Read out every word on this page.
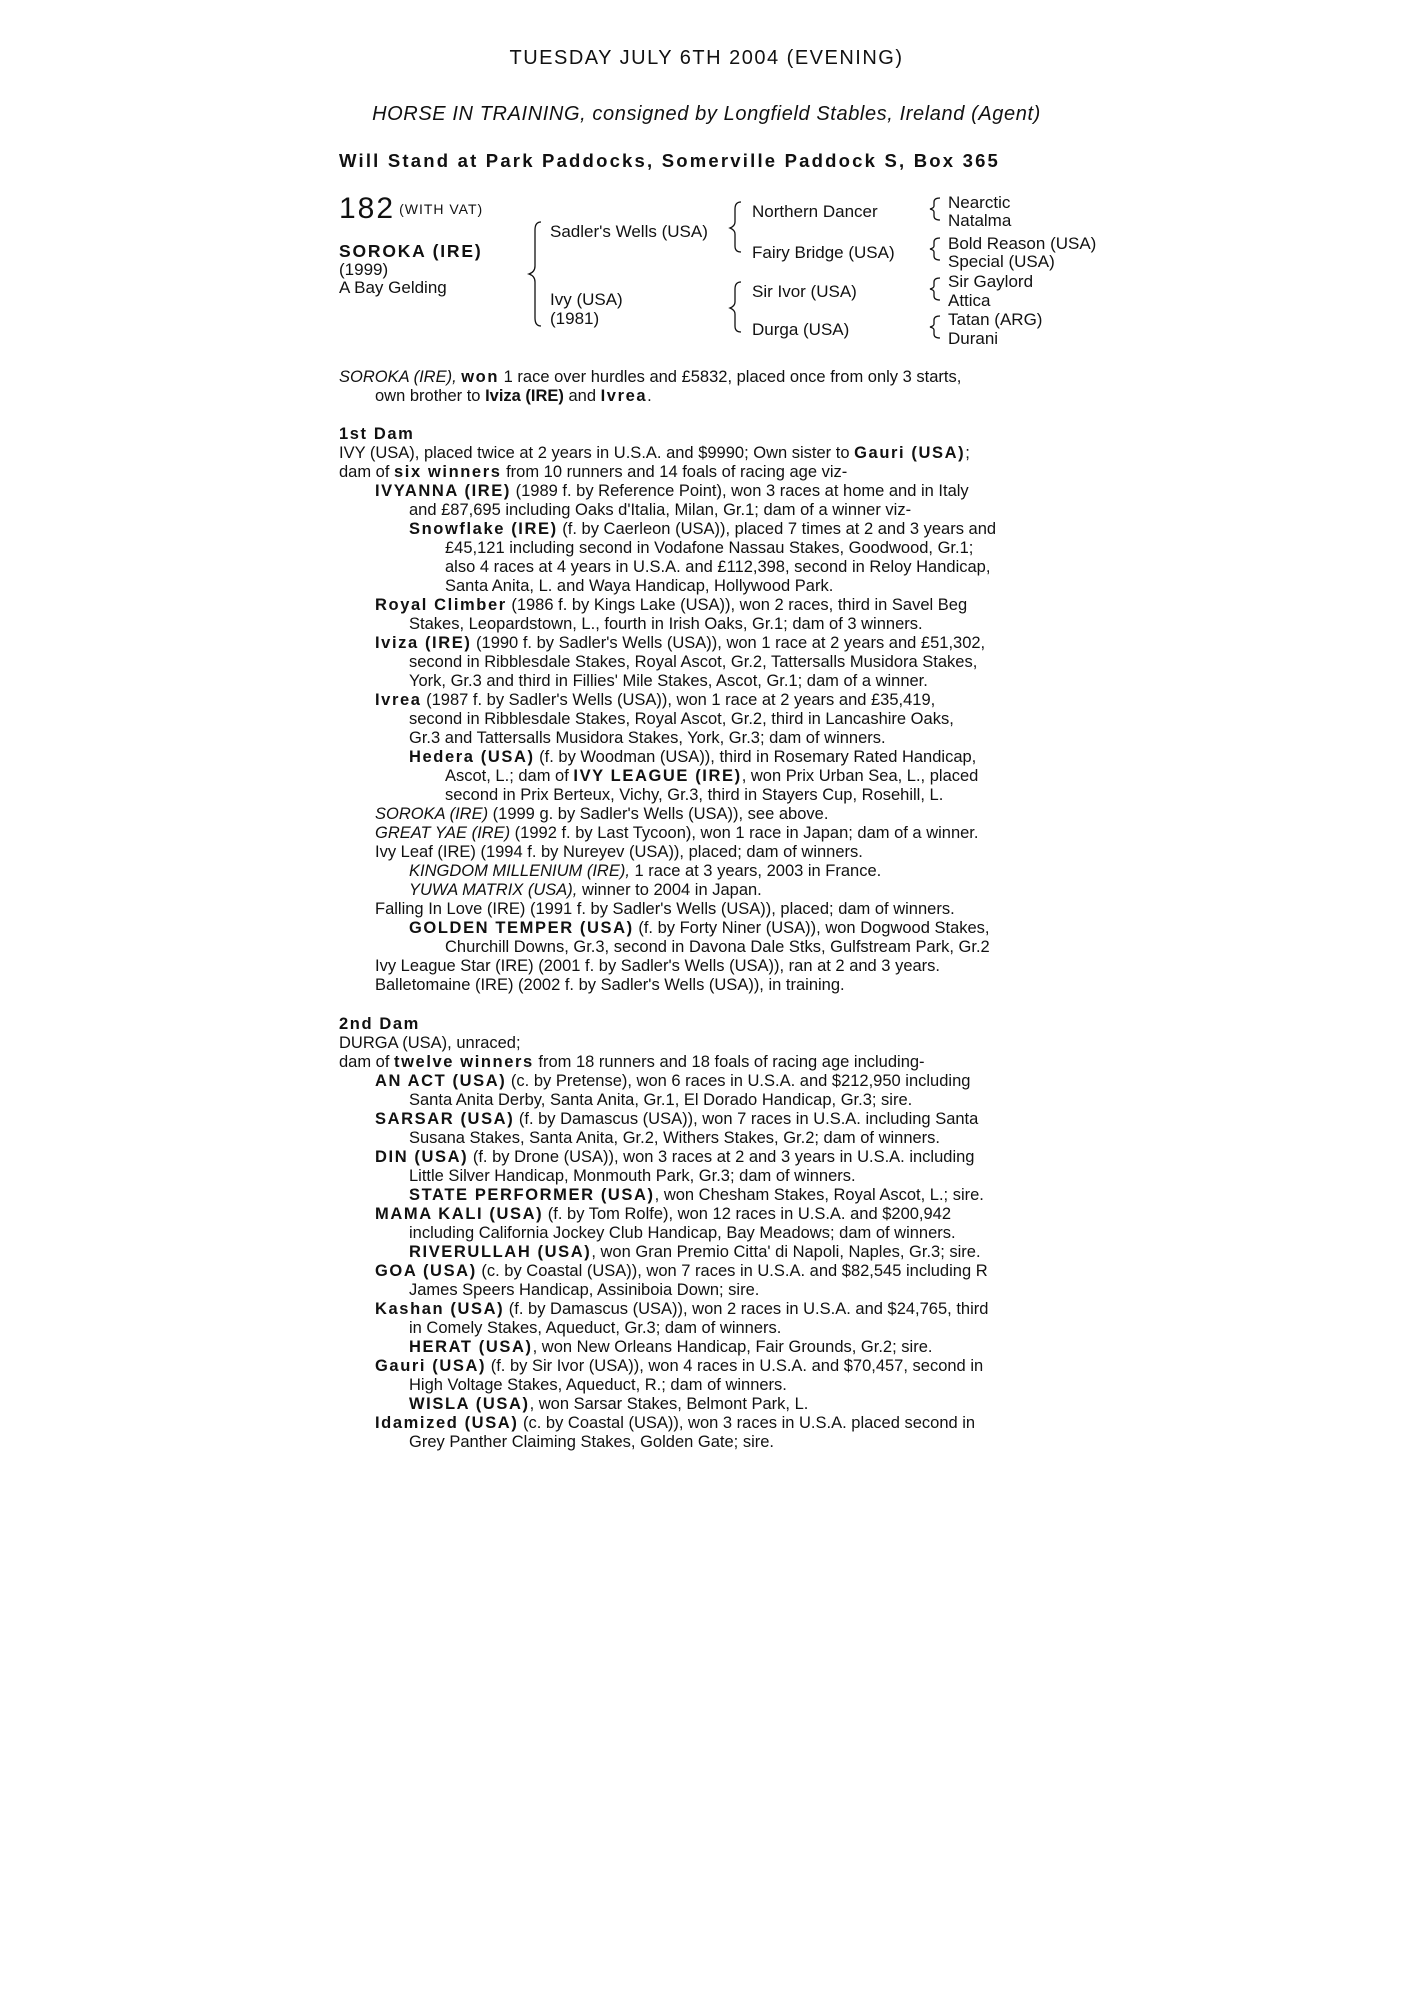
TUESDAY JULY 6TH 2004 (EVENING)
HORSE IN TRAINING, consigned by Longfield Stables, Ireland (Agent)
Will Stand at Park Paddocks, Somerville Paddock S, Box 365
182 (WITH VAT)
SOROKA (IRE)
(1999)
A Bay Gelding
Sadler's Wells (USA)
Ivy (USA)
(1981)
Northern Dancer
Fairy Bridge (USA)
Sir Ivor (USA)
Durga (USA)
Nearctic
Natalma
Bold Reason (USA)
Special (USA)
Sir Gaylord
Attica
Tatan (ARG)
Durani
SOROKA (IRE), won 1 race over hurdles and £5832, placed once from only 3 starts,
own brother to Iviza (IRE) and Ivrea.
1st Dam
IVY (USA), placed twice at 2 years in U.S.A. and $9990; Own sister to Gauri (USA);
dam of six winners from 10 runners and 14 foals of racing age viz-
IVYANNA (IRE) (1989 f. by Reference Point), won 3 races at home and in Italy
and £87,695 including Oaks d'Italia, Milan, Gr.1; dam of a winner viz-
Snowflake (IRE) (f. by Caerleon (USA)), placed 7 times at 2 and 3 years and
£45,121 including second in Vodafone Nassau Stakes, Goodwood, Gr.1;
also 4 races at 4 years in U.S.A. and £112,398, second in Reloy Handicap,
Santa Anita, L. and Waya Handicap, Hollywood Park.
Royal Climber (1986 f. by Kings Lake (USA)), won 2 races, third in Savel Beg
Stakes, Leopardstown, L., fourth in Irish Oaks, Gr.1; dam of 3 winners.
Iviza (IRE) (1990 f. by Sadler's Wells (USA)), won 1 race at 2 years and £51,302,
second in Ribblesdale Stakes, Royal Ascot, Gr.2, Tattersalls Musidora Stakes,
York, Gr.3 and third in Fillies' Mile Stakes, Ascot, Gr.1; dam of a winner.
Ivrea (1987 f. by Sadler's Wells (USA)), won 1 race at 2 years and £35,419,
second in Ribblesdale Stakes, Royal Ascot, Gr.2, third in Lancashire Oaks,
Gr.3 and Tattersalls Musidora Stakes, York, Gr.3; dam of winners.
Hedera (USA) (f. by Woodman (USA)), third in Rosemary Rated Handicap,
Ascot, L.; dam of IVY LEAGUE (IRE), won Prix Urban Sea, L., placed
second in Prix Berteux, Vichy, Gr.3, third in Stayers Cup, Rosehill, L.
SOROKA (IRE) (1999 g. by Sadler's Wells (USA)), see above.
GREAT YAE (IRE) (1992 f. by Last Tycoon), won 1 race in Japan; dam of a winner.
Ivy Leaf (IRE) (1994 f. by Nureyev (USA)), placed; dam of winners.
KINGDOM MILLENIUM (IRE), 1 race at 3 years, 2003 in France.
YUWA MATRIX (USA), winner to 2004 in Japan.
Falling In Love (IRE) (1991 f. by Sadler's Wells (USA)), placed; dam of winners.
GOLDEN TEMPER (USA) (f. by Forty Niner (USA)), won Dogwood Stakes,
Churchill Downs, Gr.3, second in Davona Dale Stks, Gulfstream Park, Gr.2
Ivy League Star (IRE) (2001 f. by Sadler's Wells (USA)), ran at 2 and 3 years.
Balletomaine (IRE) (2002 f. by Sadler's Wells (USA)), in training.
2nd Dam
DURGA (USA), unraced;
dam of twelve winners from 18 runners and 18 foals of racing age including-
AN ACT (USA) (c. by Pretense), won 6 races in U.S.A. and $212,950 including
Santa Anita Derby, Santa Anita, Gr.1, El Dorado Handicap, Gr.3; sire.
SARSAR (USA) (f. by Damascus (USA)), won 7 races in U.S.A. including Santa
Susana Stakes, Santa Anita, Gr.2, Withers Stakes, Gr.2; dam of winners.
DIN (USA) (f. by Drone (USA)), won 3 races at 2 and 3 years in U.S.A. including
Little Silver Handicap, Monmouth Park, Gr.3; dam of winners.
STATE PERFORMER (USA), won Chesham Stakes, Royal Ascot, L.; sire.
MAMA KALI (USA) (f. by Tom Rolfe), won 12 races in U.S.A. and $200,942
including California Jockey Club Handicap, Bay Meadows; dam of winners.
RIVERULLAH (USA), won Gran Premio Citta' di Napoli, Naples, Gr.3; sire.
GOA (USA) (c. by Coastal (USA)), won 7 races in U.S.A. and $82,545 including R
James Speers Handicap, Assiniboia Down; sire.
Kashan (USA) (f. by Damascus (USA)), won 2 races in U.S.A. and $24,765, third
in Comely Stakes, Aqueduct, Gr.3; dam of winners.
HERAT (USA), won New Orleans Handicap, Fair Grounds, Gr.2; sire.
Gauri (USA) (f. by Sir Ivor (USA)), won 4 races in U.S.A. and $70,457, second in
High Voltage Stakes, Aqueduct, R.; dam of winners.
WISLA (USA), won Sarsar Stakes, Belmont Park, L.
Idamized (USA) (c. by Coastal (USA)), won 3 races in U.S.A. placed second in
Grey Panther Claiming Stakes, Golden Gate; sire.
